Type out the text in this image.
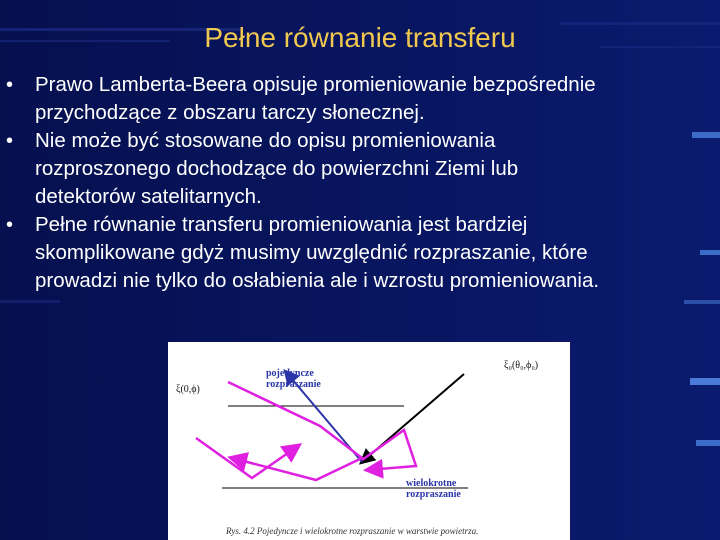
Pełne równanie transferu
• Prawo Lamberta-Beera opisuje promieniowanie bezpośrednie
przychodzące z obszaru tarczy słonecznej.
• Nie może być stosowane do opisu promieniowania
rozproszonego dochodzące do powierzchni Ziemi lub
detektorów satelitarnych.
• Pełne równanie transferu promieniowania jest bardziej
skomplikowane gdyż musimy uwzględnić rozpraszanie, które
prowadzi nie tylko do osłabienia ale i wzrostu promieniowania.
pojedyncze
rozpraszanie
wielokrotne
rozpraszanie
ξ(0,ϕ)
ξ₀(θ₀,ϕ₀)
Rys. 4.2 Pojedyncze i wielokrotne rozpraszanie w warstwie powietrza.
